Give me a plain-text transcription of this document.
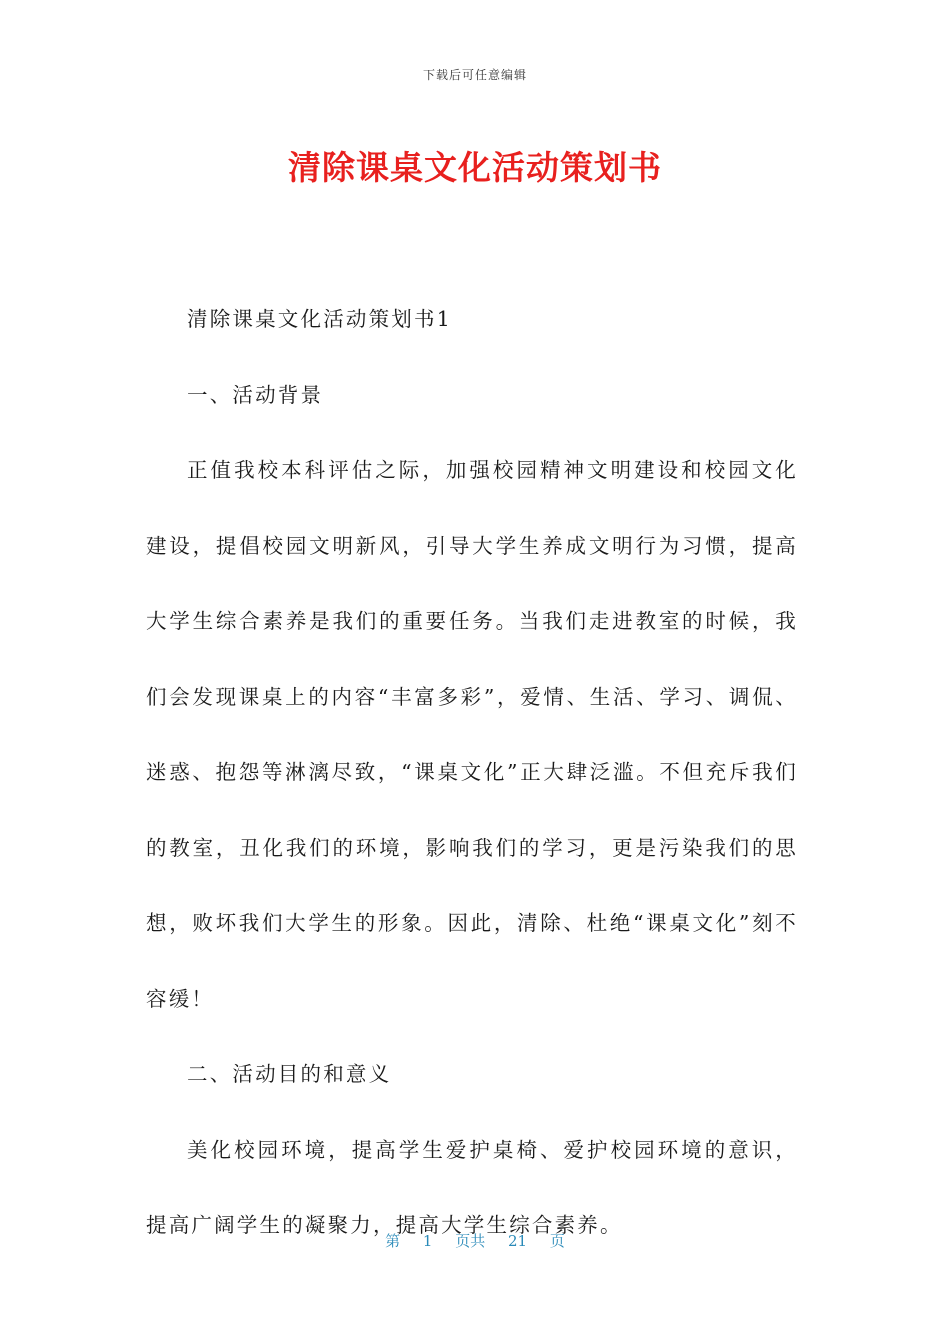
下载后可任意编辑
清除课桌文化活动策划书

清除课桌文化活动策划书1

一、活动背景

正值我校本科评估之际，加强校园精神文明建设和校园文化建设，提倡校园文明新风，引导大学生养成文明行为习惯，提高大学生综合素养是我们的重要任务。当我们走进教室的时候，我们会发现课桌上的内容“丰富多彩”，爱情、生活、学习、调侃、迷惑、抱怨等淋漓尽致，“课桌文化”正大肆泛滥。不但充斥我们的教室，丑化我们的环境，影响我们的学习，更是污染我们的思想，败坏我们大学生的形象。因此，清除、杜绝“课桌文化”刻不容缓！

二、活动目的和意义

美化校园环境，提高学生爱护桌椅、爱护校园环境的意识，提高广阔学生的凝聚力，提高大学生综合素养。

第 1 页共 21 页
